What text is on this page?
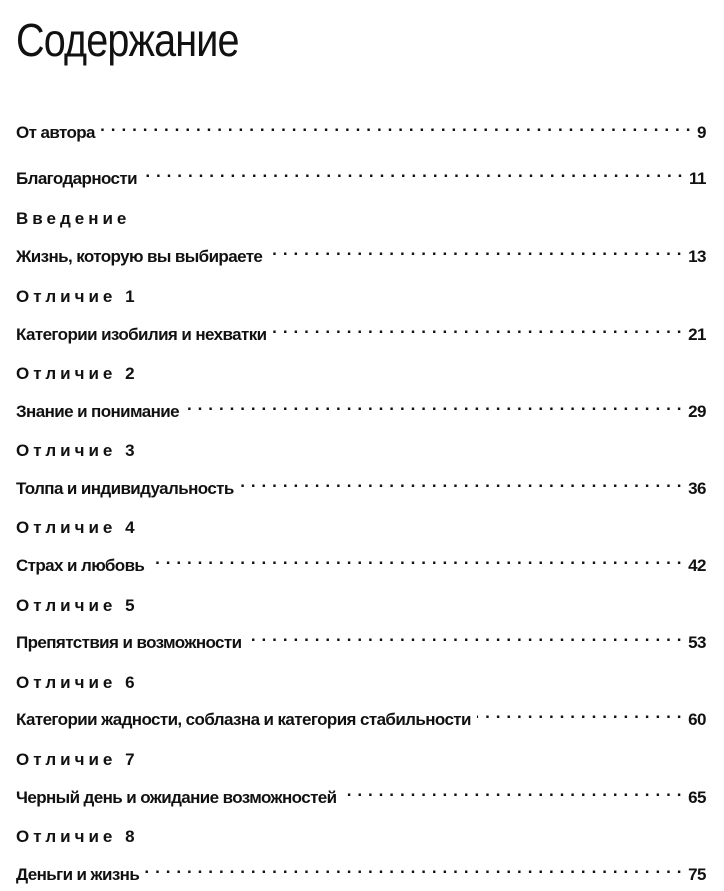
Содержание
От автора . . .	9
Благодарности . . .	11
Введение
Жизнь, которую вы выбираете . . .	13
Отличие 1
Категории изобилия и нехватки . . .	21
Отличие 2
Знание и понимание . . .	29
Отличие 3
Толпа и индивидуальность . . .	36
Отличие 4
Страх и любовь . . .	42
Отличие 5
Препятствия и возможности . . .	53
Отличие 6
Категории жадности, соблазна и категория стабильности . . .	60
Отличие 7
Черный день и ожидание возможностей . . .	65
Отличие 8
Деньги и жизнь . . .	75
